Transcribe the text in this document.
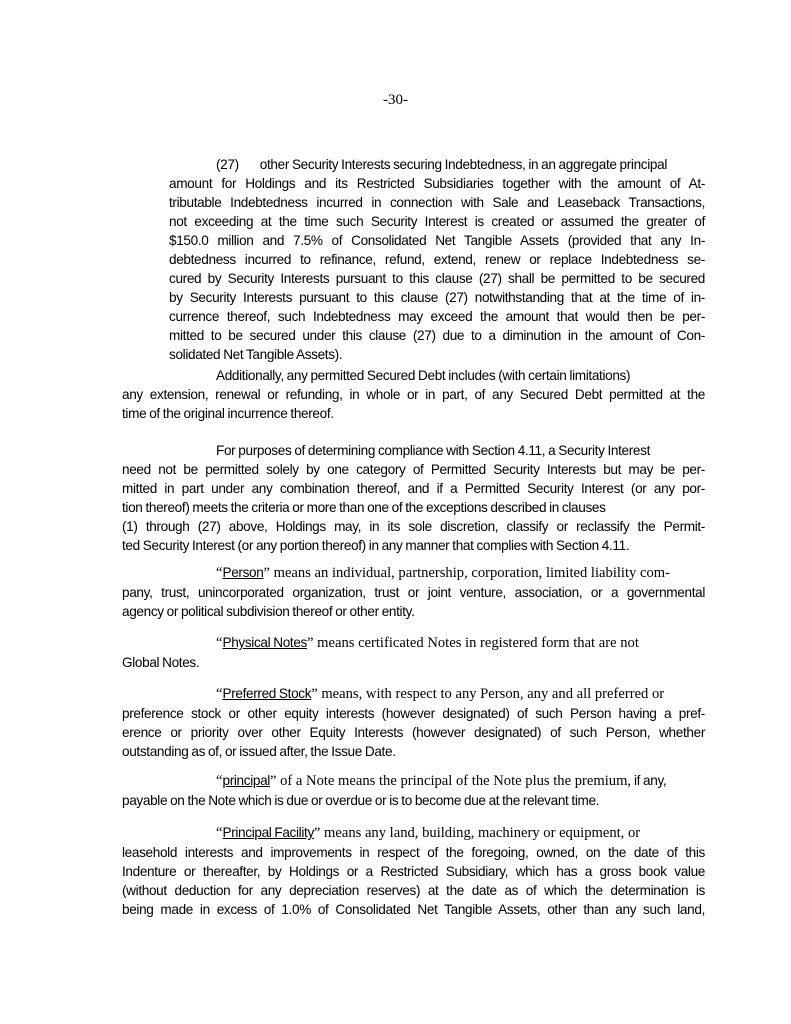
-30-
(27) other Security Interests securing Indebtedness, in an aggregate principal
amount for Holdings and its Restricted Subsidiaries together with the amount of At-
tributable Indebtedness incurred in connection with Sale and Leaseback Transactions,
not exceeding at the time such Security Interest is created or assumed the greater of
$150.0 million and 7.5% of Consolidated Net Tangible Assets (provided that any In-
debtedness incurred to refinance, refund, extend, renew or replace Indebtedness se-
cured by Security Interests pursuant to this clause (27) shall be permitted to be secured
by Security Interests pursuant to this clause (27) notwithstanding that at the time of in-
currence thereof, such Indebtedness may exceed the amount that would then be per-
mitted to be secured under this clause (27) due to a diminution in the amount of Con-
solidated Net Tangible Assets).
Additionally, any permitted Secured Debt includes (with certain limitations)
any extension, renewal or refunding, in whole or in part, of any Secured Debt permitted at the
time of the original incurrence thereof.
For purposes of determining compliance with Section 4.11, a Security Interest
need not be permitted solely by one category of Permitted Security Interests but may be per-
mitted in part under any combination thereof, and if a Permitted Security Interest (or any por-
tion thereof) meets the criteria or more than one of the exceptions described in clauses
(1) through (27) above, Holdings may, in its sole discretion, classify or reclassify the Permit-
ted Security Interest (or any portion thereof) in any manner that complies with Section 4.11.
“Person” means an individual, partnership, corporation, limited liability com-
pany, trust, unincorporated organization, trust or joint venture, association, or a governmental
agency or political subdivision thereof or other entity.
“Physical Notes” means certificated Notes in registered form that are not
Global Notes.
“Preferred Stock” means, with respect to any Person, any and all preferred or
preference stock or other equity interests (however designated) of such Person having a pref-
erence or priority over other Equity Interests (however designated) of such Person, whether
outstanding as of, or issued after, the Issue Date.
“principal” of a Note means the principal of the Note plus the premium, if any,
payable on the Note which is due or overdue or is to become due at the relevant time.
“Principal Facility” means any land, building, machinery or equipment, or
leasehold interests and improvements in respect of the foregoing, owned, on the date of this
Indenture or thereafter, by Holdings or a Restricted Subsidiary, which has a gross book value
(without deduction for any depreciation reserves) at the date as of which the determination is
being made in excess of 1.0% of Consolidated Net Tangible Assets, other than any such land,
